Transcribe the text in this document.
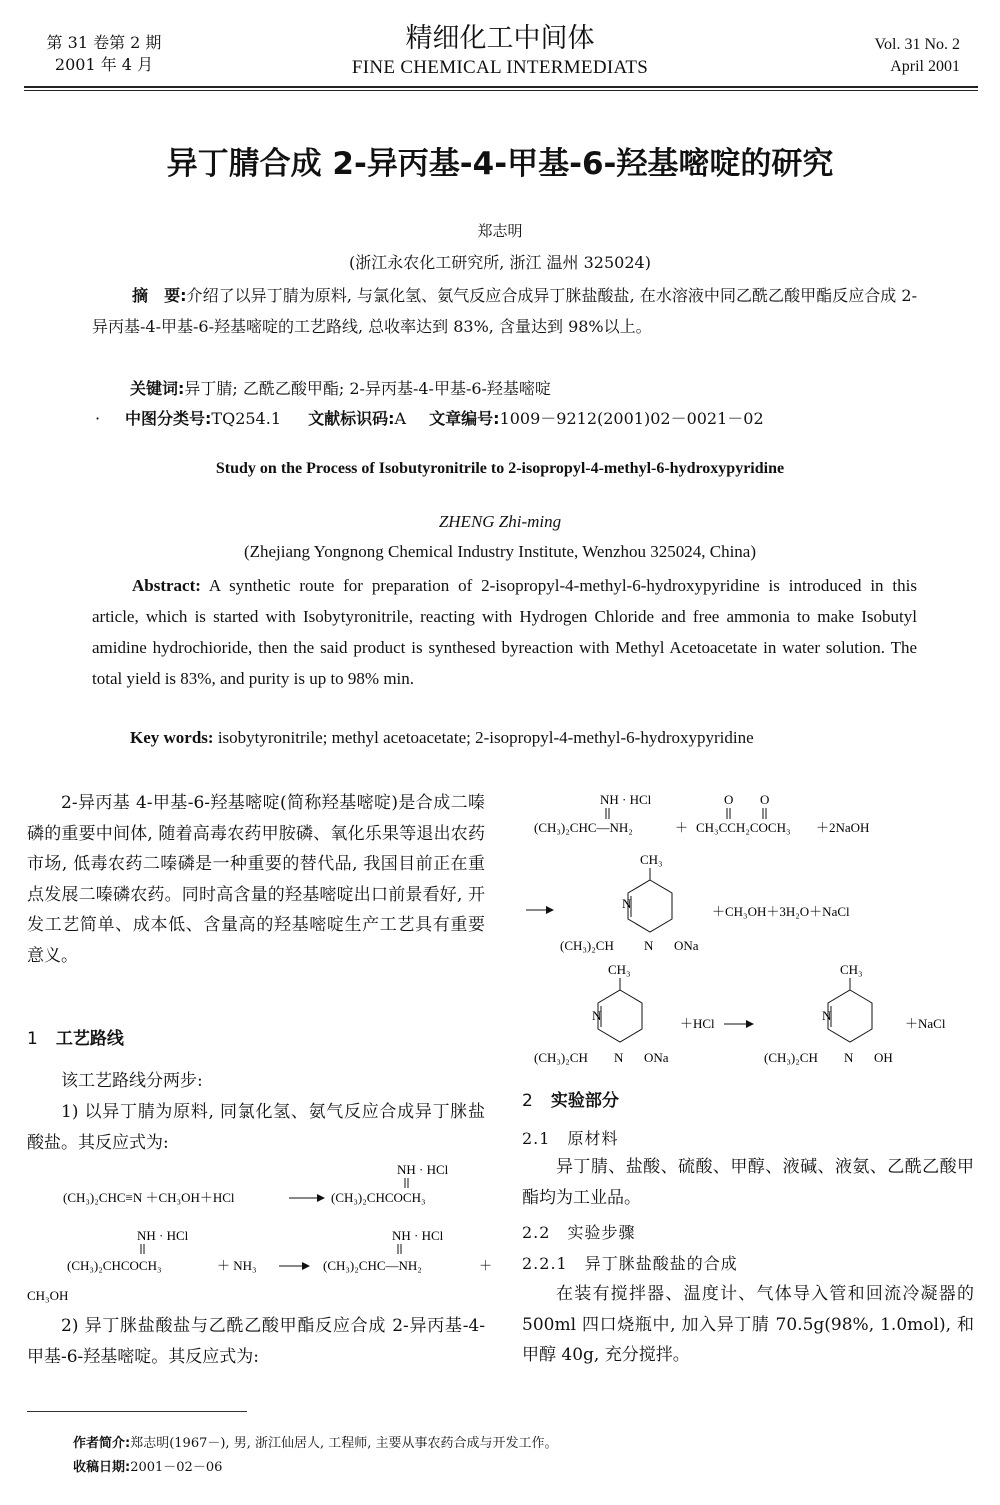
第 31 卷第 2 期
2001 年 4 月
精细化工中间体
FINE CHEMICAL INTERMEDIATS
Vol. 31 No. 2
April 2001
异丁腈合成 2-异丙基-4-甲基-6-羟基嘧啶的研究
郑志明
(浙江永农化工研究所, 浙江 温州 325024)
摘　要:介绍了以异丁腈为原料, 与氯化氢、氨气反应合成异丁脒盐酸盐, 在水溶液中同乙酰乙酸甲酯反应合成 2-异丙基-4-甲基-6-羟基嘧啶的工艺路线, 总收率达到 83%, 含量达到 98%以上。
关键词:异丁腈; 乙酰乙酸甲酯; 2-异丙基-4-甲基-6-羟基嘧啶
· 中图分类号:TQ254.1 文献标识码:A 文章编号:1009－9212(2001)02－0021－02
Study on the Process of Isobutyronitrile to 2-isopropyl-4-methyl-6-hydroxypyridine
ZHENG Zhi-ming
(Zhejiang Yongnong Chemical Industry Institute, Wenzhou 325024, China)
Abstract: A synthetic route for preparation of 2-isopropyl-4-methyl-6-hydroxypyridine is introduced in this article, which is started with Isobytyronitrile, reacting with Hydrogen Chloride and free ammonia to make Isobutyl amidine hydrochioride, then the said product is synthesed byreaction with Methyl Acetoacetate in water solution. The total yield is 83%, and purity is up to 98% min.
Key words: isobytyronitrile; methyl acetoacetate; 2-isopropyl-4-methyl-6-hydroxypyridine
2-异丙基 4-甲基-6-羟基嘧啶(简称羟基嘧啶)是合成二嗪磷的重要中间体, 随着高毒农药甲胺磷、氧化乐果等退出农药市场, 低毒农药二嗪磷是一种重要的替代品, 我国目前正在重点发展二嗪磷农药。同时高含量的羟基嘧啶出口前景看好, 开发工艺简单、成本低、含量高的羟基嘧啶生产工艺具有重要意义。
1 工艺路线
该工艺路线分两步:
1) 以异丁腈为原料, 同氯化氢、氨气反应合成异丁脒盐酸盐。其反应式为:
NH · HCl
(CH₃)₂CHC≡N ＋CH₃OH＋HCl	(CH₃)₂CHCOCH₃
NH · HCl
(CH₃)₂CHCOCH₃	＋ NH₃
NH · HCl
(CH₃)₂CHC—NH₂	＋
CH₃OH
2) 异丁脒盐酸盐与乙酰乙酸甲酯反应合成 2-异丙基-4-甲基-6-羟基嘧啶。其反应式为:
NH · HCl
(CH₃)₂CHC—NH₂	＋
O O
CH₃CCH₂COCH₃ ＋2NaOH
CH₃
N
N
(CH₃)₂CH	ONa
＋CH₃OH＋3H₂O＋NaCl
CH₃
N
N
(CH₃)₂CH	ONa
＋HCl
CH₃
N
N
(CH₃)₂CH	OH
＋NaCl
2 实验部分
2.1　原材料
异丁腈、盐酸、硫酸、甲醇、液碱、液氨、乙酰乙酸甲酯均为工业品。
2.2　实验步骤
2.2.1　异丁脒盐酸盐的合成
在装有搅拌器、温度计、气体导入管和回流冷凝器的 500ml 四口烧瓶中, 加入异丁腈 70.5g(98%, 1.0mol), 和甲醇 40g, 充分搅拌。
作者简介:郑志明(1967－), 男, 浙江仙居人, 工程师, 主要从事农药合成与开发工作。
收稿日期:2001－02－06
